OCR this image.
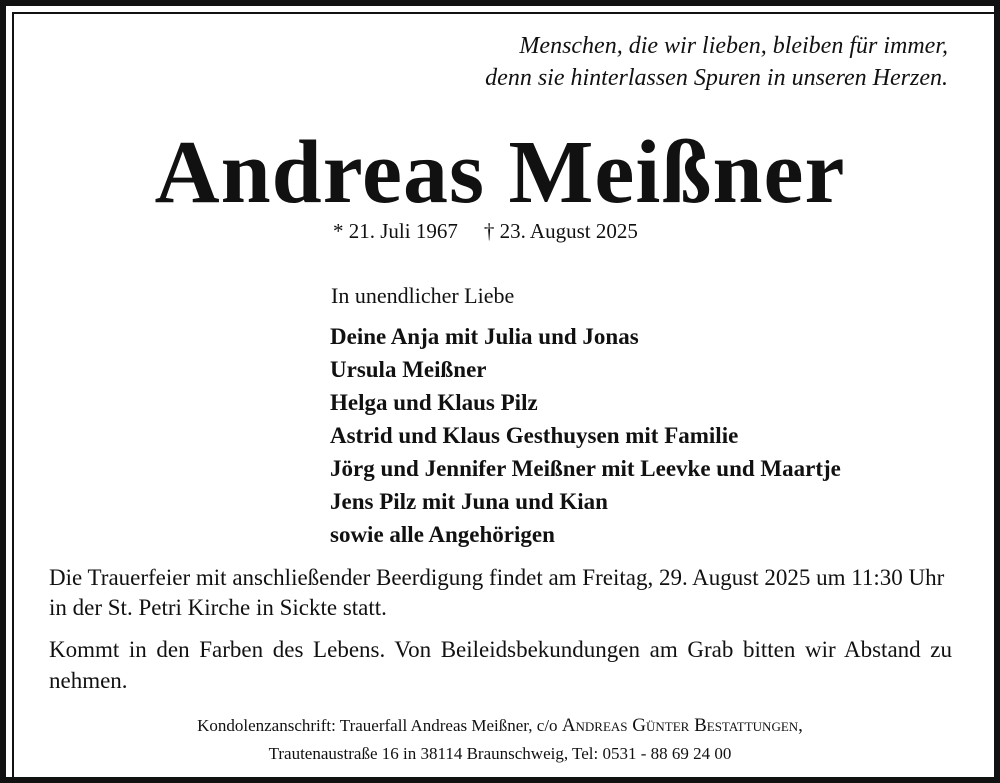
Menschen, die wir lieben, bleiben für immer,
denn sie hinterlassen Spuren in unseren Herzen.
Andreas Meißner
* 21. Juli 1967 † 23. August 2025
In unendlicher Liebe
Deine Anja mit Julia und Jonas
Ursula Meißner
Helga und Klaus Pilz
Astrid und Klaus Gesthuysen mit Familie
Jörg und Jennifer Meißner mit Leevke und Maartje
Jens Pilz mit Juna und Kian
sowie alle Angehörigen
Die Trauerfeier mit anschließender Beerdigung findet am Freitag, 29. August 2025 um 11:30 Uhr in der St. Petri Kirche in Sickte statt.
Kommt in den Farben des Lebens. Von Beileidsbekundungen am Grab bitten wir Abstand zu nehmen.
Kondolenzanschrift: Trauerfall Andreas Meißner, c/o Andreas Günter Bestattungen,
Trautenaustraße 16 in 38114 Braunschweig, Tel: 0531 - 88 69 24 00
